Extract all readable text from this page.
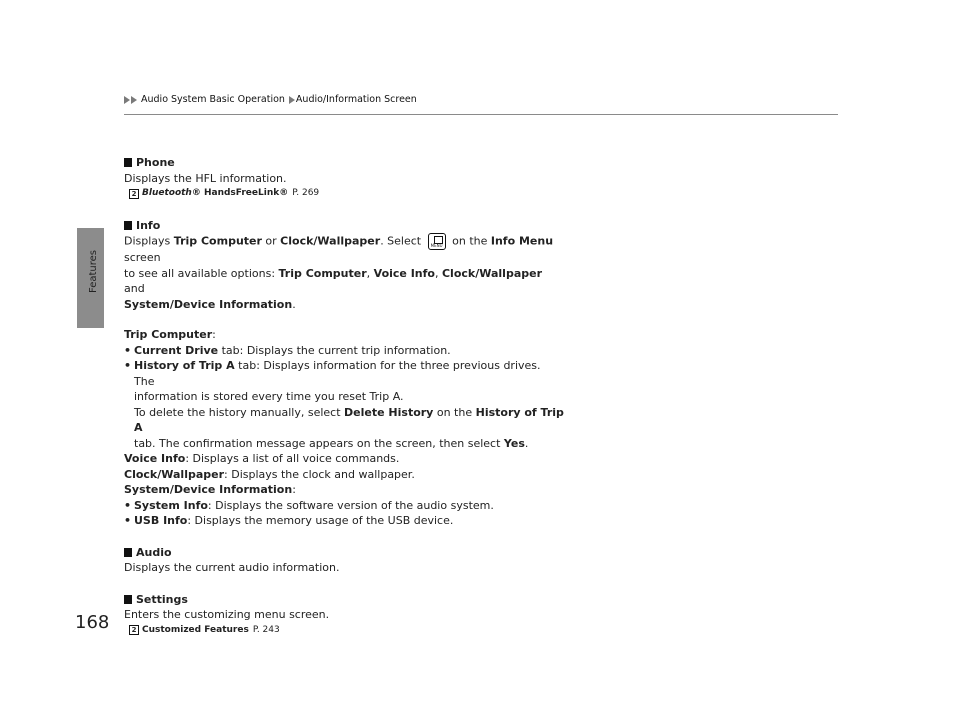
Audio System Basic Operation Audio/Information Screen
Features
168
Phone
Displays the HFL information.
2 Bluetooth ® HandsFreeLink® P. 269
Info
Displays Trip Computer or Clock/Wallpaper. Select MENU on the Info Menu screen
to see all available options: Trip Computer, Voice Info, Clock/Wallpaper and
System/Device Information.
Trip Computer:
• Current Drive tab: Displays the current trip information.
• History of Trip A tab: Displays information for the three previous drives. The
information is stored every time you reset Trip A.
To delete the history manually, select Delete History on the History of Trip A
tab. The confirmation message appears on the screen, then select Yes.
Voice Info: Displays a list of all voice commands.
Clock/Wallpaper: Displays the clock and wallpaper.
System/Device Information:
• System Info: Displays the software version of the audio system.
• USB Info: Displays the memory usage of the USB device.
Audio
Displays the current audio information.
Settings
Enters the customizing menu screen.
2 Customized Features P. 243
